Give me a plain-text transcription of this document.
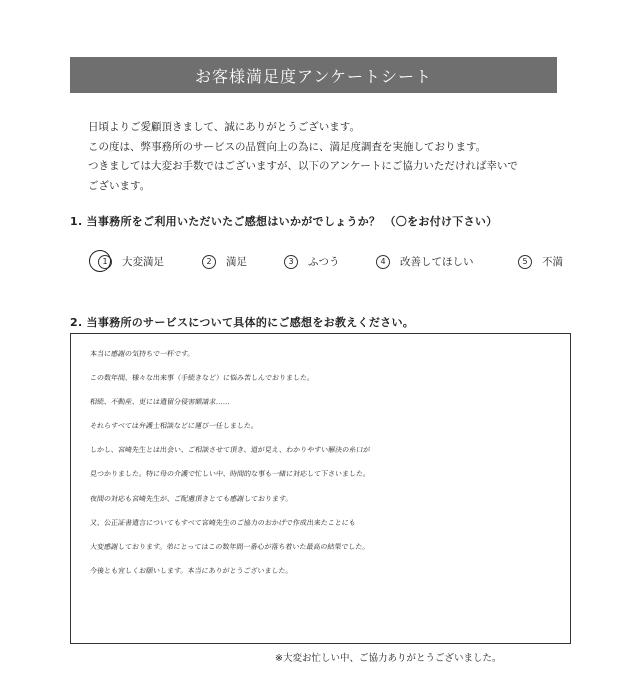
お客様満足度アンケートシート

日頃よりご愛顧頂きまして、誠にありがとうございます。

この度は、弊事務所のサービスの品質向上の為に、満足度調査を実施しております。

つきましては大変お手数ではございますが、以下のアンケートにご協力いただければ幸いで

ございます。

1. 当事務所をご利用いただいたご感想はいかがでしょうか？ （〇をお付け下さい）
1	大変満足	2	満足	3	ふつう	4	改善してほしい	5	不満
2. 当事務所のサービスについて具体的にご感想をお教えください。
本当に感謝の気持ちで一杯です。
この数年間、様々な出来事（手続きなど）に悩み苦しんでおりました。
相続、不動産、更には遺留分侵害額請求……
それらすべては弁護士相談などに運び一任しました。
しかし、宮崎先生とは出会い、ご相談させて頂き、道が見え、わかりやすい解決の糸口が
見つかりました。特に母の介護で忙しい中、時間的な事も一緒に対応して下さいました。
夜間の対応も宮崎先生が、ご配慮頂きとても感謝しております。
又、公正証書遺言についてもすべて宮崎先生のご協力のおかげで作成出来たことにも
大変感謝しております。弟にとってはこの数年間一番心が落ち着いた最高の結果でした。
今後とも宜しくお願いします。本当にありがとうございました。
※大変お忙しい中、ご協力ありがとうございました。
